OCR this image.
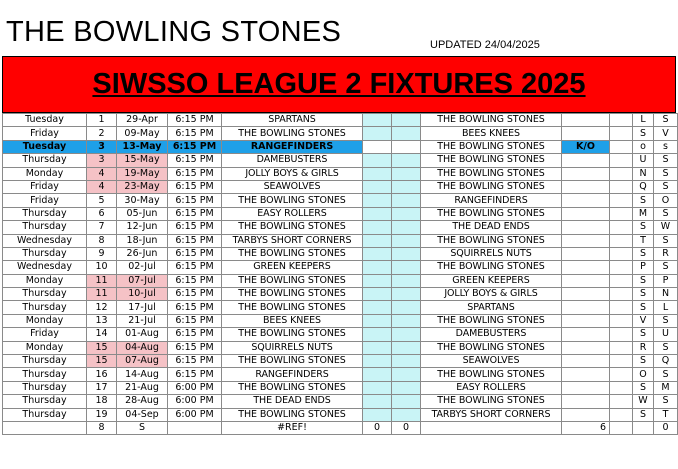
THE BOWLING STONES	UPDATED 24/04/2025
SIWSSO LEAGUE 2 FIXTURES 2025
Tuesday	1	29-Apr	6:15 PM	SPARTANS			THE BOWLING STONES			L	S
Friday	2	09-May	6:15 PM	THE BOWLING STONES			BEES KNEES			S	V
Tuesday	3	13-May	6:15 PM	RANGEFINDERS			THE BOWLING STONES	K/O		o	s
Thursday	3	15-May	6:15 PM	DAMEBUSTERS			THE BOWLING STONES			U	S
Monday	4	19-May	6:15 PM	JOLLY BOYS & GIRLS			THE BOWLING STONES			N	S
Friday	4	23-May	6:15 PM	SEAWOLVES			THE BOWLING STONES			Q	S
Friday	5	30-May	6:15 PM	THE BOWLING STONES			RANGEFINDERS			S	O
Thursday	6	05-Jun	6:15 PM	EASY ROLLERS			THE BOWLING STONES			M	S
Thursday	7	12-Jun	6:15 PM	THE BOWLING STONES			THE DEAD ENDS			S	W
Wednesday	8	18-Jun	6:15 PM	TARBYS SHORT CORNERS			THE BOWLING STONES			T	S
Thursday	9	26-Jun	6:15 PM	THE BOWLING STONES			SQUIRRELS NUTS			S	R
Wednesday	10	02-Jul	6:15 PM	GREEN KEEPERS			THE BOWLING STONES			P	S
Monday	11	07-Jul	6:15 PM	THE BOWLING STONES			GREEN KEEPERS			S	P
Thursday	11	10-Jul	6:15 PM	THE BOWLING STONES			JOLLY BOYS & GIRLS			S	N
Thursday	12	17-Jul	6:15 PM	THE BOWLING STONES			SPARTANS			S	L
Monday	13	21-Jul	6:15 PM	BEES KNEES			THE BOWLING STONES			V	S
Friday	14	01-Aug	6:15 PM	THE BOWLING STONES			DAMEBUSTERS			S	U
Monday	15	04-Aug	6:15 PM	SQUIRRELS NUTS			THE BOWLING STONES			R	S
Thursday	15	07-Aug	6:15 PM	THE BOWLING STONES			SEAWOLVES			S	Q
Thursday	16	14-Aug	6:15 PM	RANGEFINDERS			THE BOWLING STONES			O	S
Thursday	17	21-Aug	6:00 PM	THE BOWLING STONES			EASY ROLLERS			S	M
Thursday	18	28-Aug	6:00 PM	THE DEAD ENDS			THE BOWLING STONES			W	S
Thursday	19	04-Sep	6:00 PM	THE BOWLING STONES			TARBYS SHORT CORNERS			S	T
	8	S		#REF!	0	0		6			0
